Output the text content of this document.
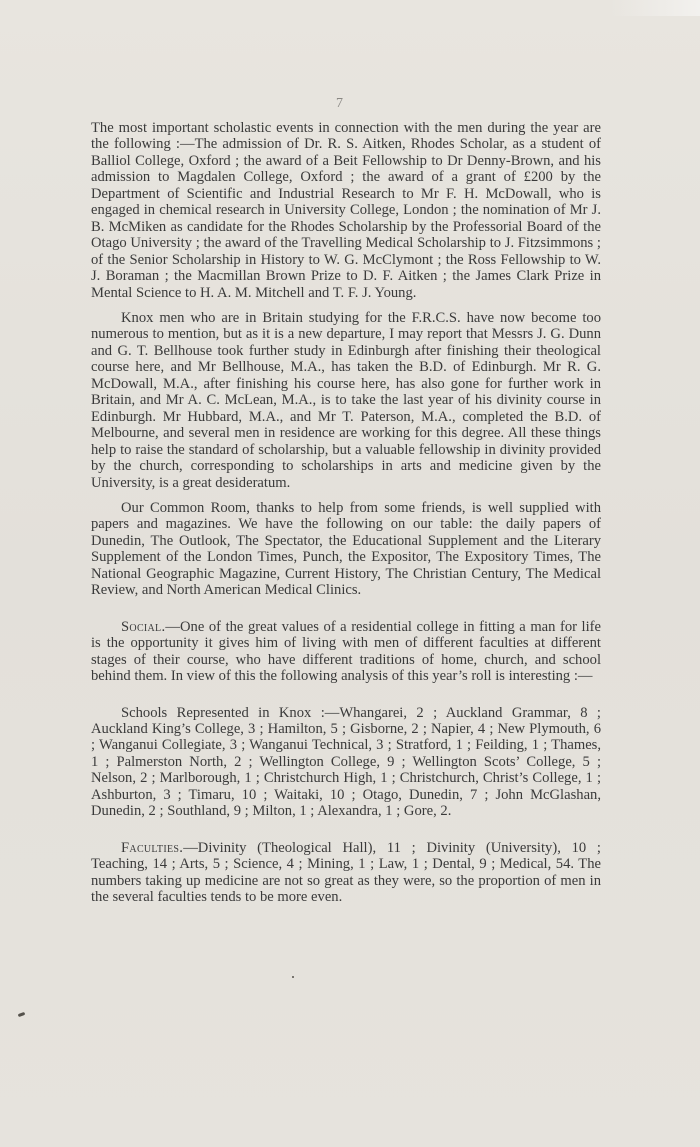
7

The most important scholastic events in connection with the men during the year are the following :—The admission of Dr. R. S. Aitken, Rhodes Scholar, as a student of Balliol College, Oxford ; the award of a Beit Fellowship to Dr Denny-Brown, and his admission to Magdalen College, Oxford ; the award of a grant of £200 by the Department of Scientific and Industrial Research to Mr F. H. McDowall, who is engaged in chemical research in University College, London ; the nomination of Mr J. B. McMiken as candidate for the Rhodes Scholarship by the Professorial Board of the Otago University ; the award of the Travelling Medical Scholarship to J. Fitzsimmons ; of the Senior Scholarship in History to W. G. McClymont ; the Ross Fellowship to W. J. Boraman ; the Macmillan Brown Prize to D. F. Aitken ; the James Clark Prize in Mental Science to H. A. M. Mitchell and T. F. J. Young.

Knox men who are in Britain studying for the F.R.C.S. have now become too numerous to mention, but as it is a new departure, I may report that Messrs J. G. Dunn and G. T. Bellhouse took further study in Edinburgh after finishing their theological course here, and Mr Bellhouse, M.A., has taken the B.D. of Edinburgh. Mr R. G. McDowall, M.A., after finishing his course here, has also gone for further work in Britain, and Mr A. C. McLean, M.A., is to take the last year of his divinity course in Edinburgh. Mr Hubbard, M.A., and Mr T. Paterson, M.A., completed the B.D. of Melbourne, and several men in residence are working for this degree. All these things help to raise the standard of scholarship, but a valuable fellowship in divinity provided by the church, corresponding to scholarships in arts and medicine given by the University, is a great desideratum.

Our Common Room, thanks to help from some friends, is well supplied with papers and magazines. We have the following on our table: the daily papers of Dunedin, The Outlook, The Spectator, the Educational Supplement and the Literary Supplement of the London Times, Punch, the Expositor, The Expository Times, The National Geographic Magazine, Current History, The Christian Century, The Medical Review, and North American Medical Clinics.

Social.—One of the great values of a residential college in fitting a man for life is the opportunity it gives him of living with men of different faculties at different stages of their course, who have different traditions of home, church, and school behind them. In view of this the following analysis of this year’s roll is interesting :—

Schools Represented in Knox :—Whangarei, 2 ; Auckland Grammar, 8 ; Auckland King’s College, 3 ; Hamilton, 5 ; Gisborne, 2 ; Napier, 4 ; New Plymouth, 6 ; Wanganui Collegiate, 3 ; Wanganui Technical, 3 ; Stratford, 1 ; Feilding, 1 ; Thames, 1 ; Palmerston North, 2 ; Wellington College, 9 ; Wellington Scots’ College, 5 ; Nelson, 2 ; Marlborough, 1 ; Christchurch High, 1 ; Christchurch, Christ’s College, 1 ; Ashburton, 3 ; Timaru, 10 ; Waitaki, 10 ; Otago, Dunedin, 7 ; John McGlashan, Dunedin, 2 ; Southland, 9 ; Milton, 1 ; Alexandra, 1 ; Gore, 2.

Faculties.—Divinity (Theological Hall), 11 ; Divinity (University), 10 ; Teaching, 14 ; Arts, 5 ; Science, 4 ; Mining, 1 ; Law, 1 ; Dental, 9 ; Medical, 54. The numbers taking up medicine are not so great as they were, so the proportion of men in the several faculties tends to be more even.
